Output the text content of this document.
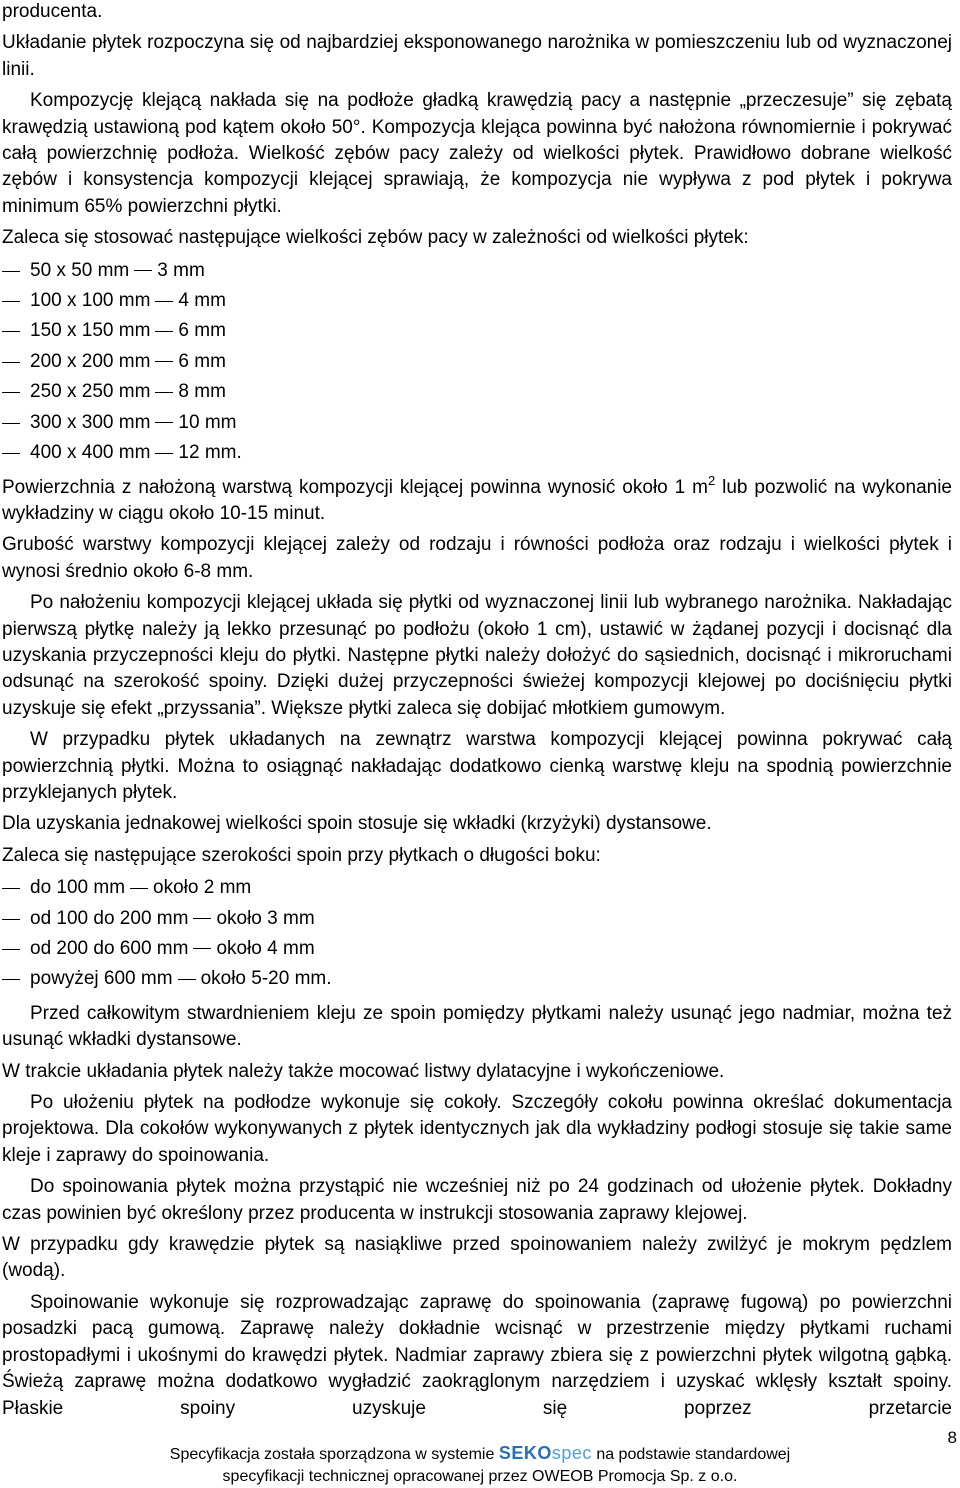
producenta.

Układanie płytek rozpoczyna się od najbardziej eksponowanego narożnika w pomieszczeniu lub od wyznaczonej linii.

Kompozycję klejącą nakłada się na podłoże gładką krawędzią pacy a następnie „przeczesuje” się zębatą krawędzią ustawioną pod kątem około 50°. Kompozycja klejąca powinna być nałożona równomiernie i pokrywać całą powierzchnię podłoża. Wielkość zębów pacy zależy od wielkości płytek. Prawidłowo dobrane wielkość zębów i konsystencja kompozycji klejącej sprawiają, że kompozycja nie wypływa z pod płytek i pokrywa minimum 65% powierzchni płytki.

Zaleca się stosować następujące wielkości zębów pacy w zależności od wielkości płytek:

50 x 50 mm 3 mm
100 x 100 mm 4 mm
150 x 150 mm 6 mm
200 x 200 mm 6 mm
250 x 250 mm 8 mm
300 x 300 mm 10 mm
400 x 400 mm 12 mm.

Powierzchnia z nałożoną warstwą kompozycji klejącej powinna wynosić około 1 $m^2$ lub pozwolić na wykonanie wykładziny w ciągu około 10-15 minut.

Grubość warstwy kompozycji klejącej zależy od rodzaju i równości podłoża oraz rodzaju i wielkości płytek i wynosi średnio około 6-8 mm.

Po nałożeniu kompozycji klejącej układa się płytki od wyznaczonej linii lub wybranego narożnika. Nakładając pierwszą płytkę należy ją lekko przesunąć po podłożu (około 1 cm), ustawić w żądanej pozycji i docisnąć dla uzyskania przyczepności kleju do płytki. Następne płytki należy dołożyć do sąsiednich, docisnąć i mikroruchami odsunąć na szerokość spoiny. Dzięki dużej przyczepności świeżej kompozycji klejowej po dociśnięciu płytki uzyskuje się efekt „przyssania”. Większe płytki zaleca się dobijać młotkiem gumowym.

W przypadku płytek układanych na zewnątrz warstwa kompozycji klejącej powinna pokrywać całą powierzchnią płytki. Można to osiągnąć nakładając dodatkowo cienką warstwę kleju na spodnią powierzchnie przyklejanych płytek.

Dla uzyskania jednakowej wielkości spoin stosuje się wkładki (krzyżyki) dystansowe.

Zaleca się następujące szerokości spoin przy płytkach o długości boku:

do 100 mm około 2 mm
od 100 do 200 mm około 3 mm
od 200 do 600 mm około 4 mm
powyżej 600 mm około 5-20 mm.

Przed całkowitym stwardnieniem kleju ze spoin pomiędzy płytkami należy usunąć jego nadmiar, można też usunąć wkładki dystansowe.

W trakcie układania płytek należy także mocować listwy dylatacyjne i wykończeniowe.

Po ułożeniu płytek na podłodze wykonuje się cokoły. Szczegóły cokołu powinna określać dokumentacja projektowa. Dla cokołów wykonywanych z płytek identycznych jak dla wykładziny podłogi stosuje się takie same kleje i zaprawy do spoinowania.

Do spoinowania płytek można przystąpić nie wcześniej niż po 24 godzinach od ułożenie płytek. Dokładny czas powinien być określony przez producenta w instrukcji stosowania zaprawy klejowej.

W przypadku gdy krawędzie płytek są nasiąkliwe przed spoinowaniem należy zwilżyć je mokrym pędzlem (wodą).

Spoinowanie wykonuje się rozprowadzając zaprawę do spoinowania (zaprawę fugową) po powierzchni posadzki pacą gumową. Zaprawę należy dokładnie wcisnąć w przestrzenie między płytkami ruchami prostopadłymi i ukośnymi do krawędzi płytek. Nadmiar zaprawy zbiera się z powierzchni płytek wilgotną gąbką. Świeżą zaprawę można dodatkowo wygładzić zaokrąglonym narzędziem i uzyskać wklęsły kształt spoiny. Płaskie spoiny uzyskuje się poprzez przetarcie

8
Specyfikacja została sporządzona w systemie SEKOspec na podstawie standardowej
specyfikacji technicznej opracowanej przez OWEOB Promocja Sp. z o.o.
